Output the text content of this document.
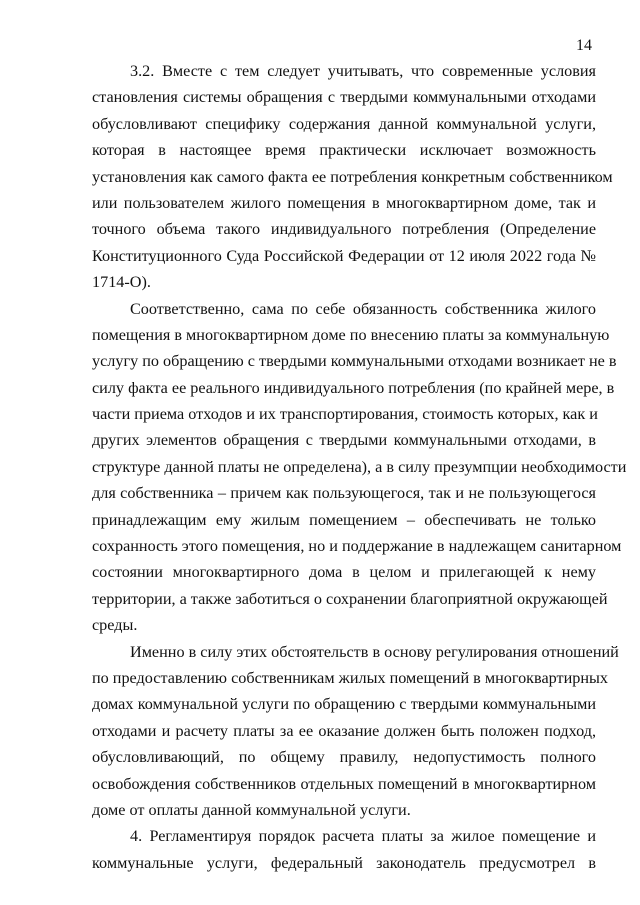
14
3.2. Вместе с тем следует учитывать, что современные условия
становления системы обращения с твердыми коммунальными отходами
обусловливают специфику содержания данной коммунальной услуги,
которая в настоящее время практически исключает возможность
установления как самого факта ее потребления конкретным собственником
или пользователем жилого помещения в многоквартирном доме, так и
точного объема такого индивидуального потребления (Определение
Конституционного Суда Российской Федерации от 12 июля 2022 года №
1714-О).
Соответственно, сама по себе обязанность собственника жилого
помещения в многоквартирном доме по внесению платы за коммунальную
услугу по обращению с твердыми коммунальными отходами возникает не в
силу факта ее реального индивидуального потребления (по крайней мере, в
части приема отходов и их транспортирования, стоимость которых, как и
других элементов обращения с твердыми коммунальными отходами, в
структуре данной платы не определена), а в силу презумпции необходимости
для собственника – причем как пользующегося, так и не пользующегося
принадлежащим ему жилым помещением – обеспечивать не только
сохранность этого помещения, но и поддержание в надлежащем санитарном
состоянии многоквартирного дома в целом и прилегающей к нему
территории, а также заботиться о сохранении благоприятной окружающей
среды.
Именно в силу этих обстоятельств в основу регулирования отношений
по предоставлению собственникам жилых помещений в многоквартирных
домах коммунальной услуги по обращению с твердыми коммунальными
отходами и расчету платы за ее оказание должен быть положен подход,
обусловливающий, по общему правилу, недопустимость полного
освобождения собственников отдельных помещений в многоквартирном
доме от оплаты данной коммунальной услуги.
4. Регламентируя порядок расчета платы за жилое помещение и
коммунальные услуги, федеральный законодатель предусмотрел в
